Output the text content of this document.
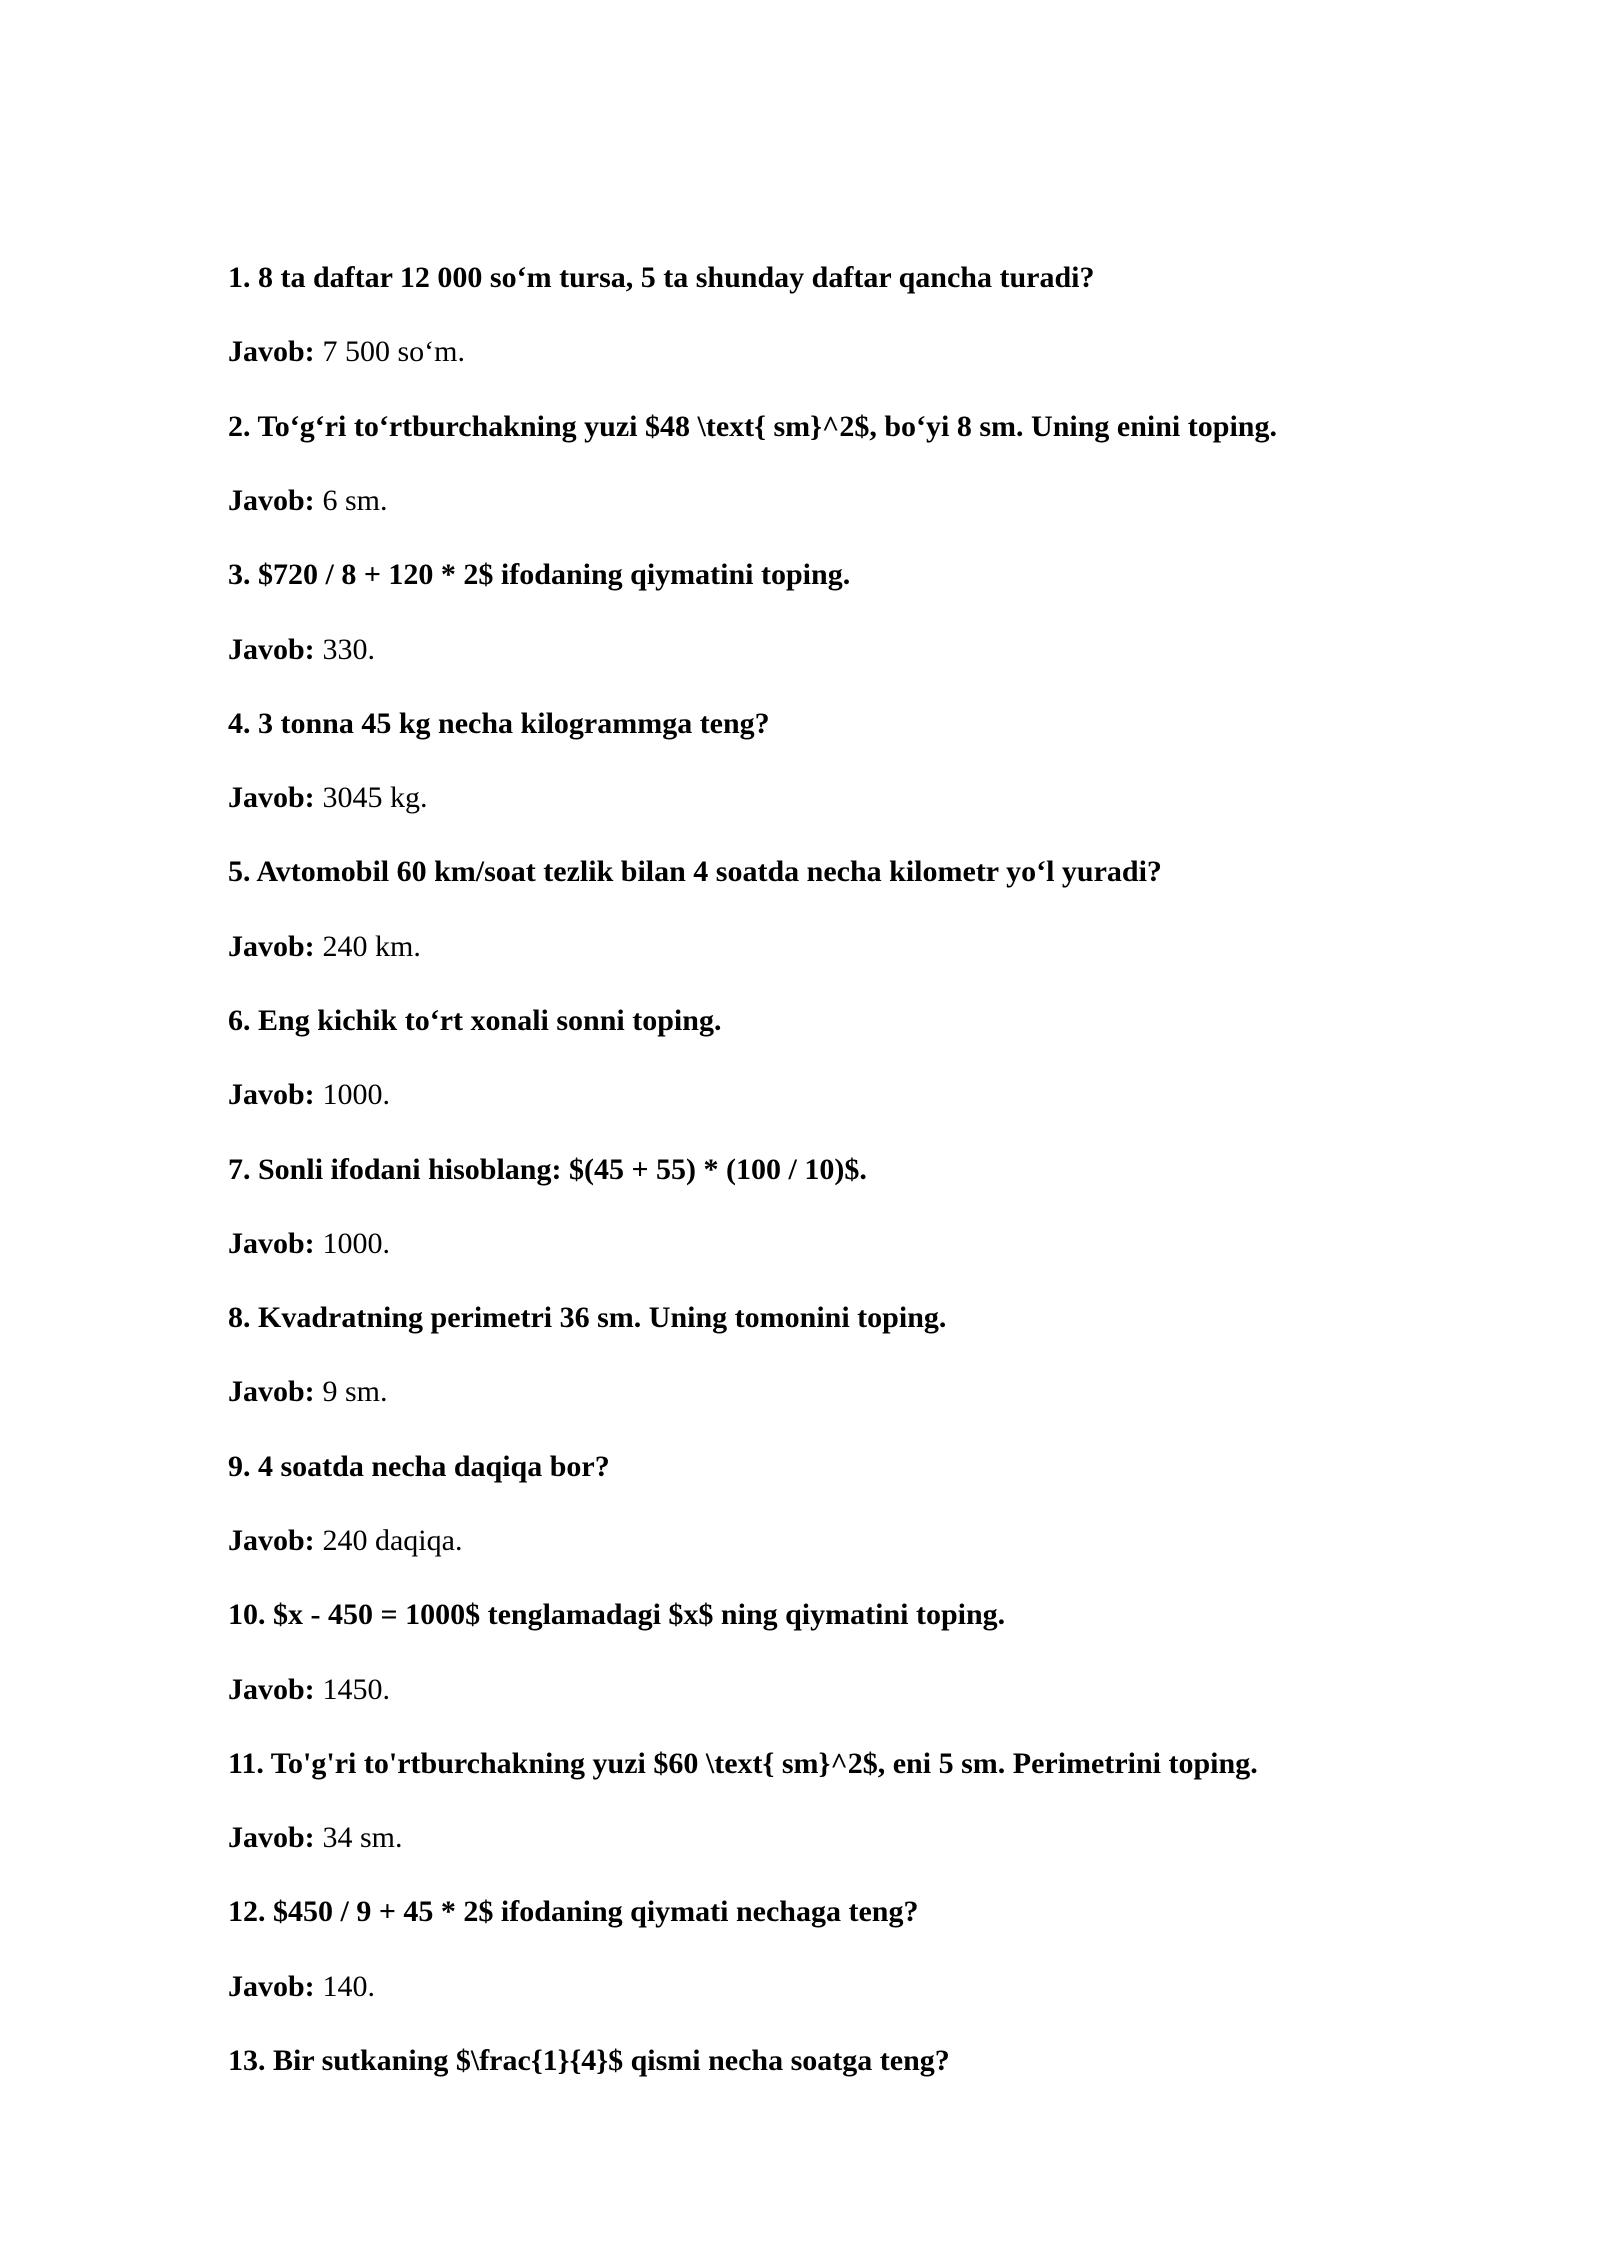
1. 8 ta daftar 12 000 so‘m tursa, 5 ta shunday daftar qancha turadi?

Javob: 7 500 so‘m.

2. To‘g‘ri to‘rtburchakning yuzi $48 \text{ sm}^2$, bo‘yi 8 sm. Uning enini toping.

Javob: 6 sm.

3. $720 / 8 + 120 * 2$ ifodaning qiymatini toping.

Javob: 330.

4. 3 tonna 45 kg necha kilogrammga teng?

Javob: 3045 kg.

5. Avtomobil 60 km/soat tezlik bilan 4 soatda necha kilometr yo‘l yuradi?

Javob: 240 km.

6. Eng kichik to‘rt xonali sonni toping.

Javob: 1000.

7. Sonli ifodani hisoblang: $(45 + 55) * (100 / 10)$.

Javob: 1000.

8. Kvadratning perimetri 36 sm. Uning tomonini toping.

Javob: 9 sm.

9. 4 soatda necha daqiqa bor?

Javob: 240 daqiqa.

10. $x - 450 = 1000$ tenglamadagi $x$ ning qiymatini toping.

Javob: 1450.

11. To'g'ri to'rtburchakning yuzi $60 \text{ sm}^2$, eni 5 sm. Perimetrini toping.

Javob: 34 sm.

12. $450 / 9 + 45 * 2$ ifodaning qiymati nechaga teng?

Javob: 140.

13. Bir sutkaning $\frac{1}{4}$ qismi necha soatga teng?
